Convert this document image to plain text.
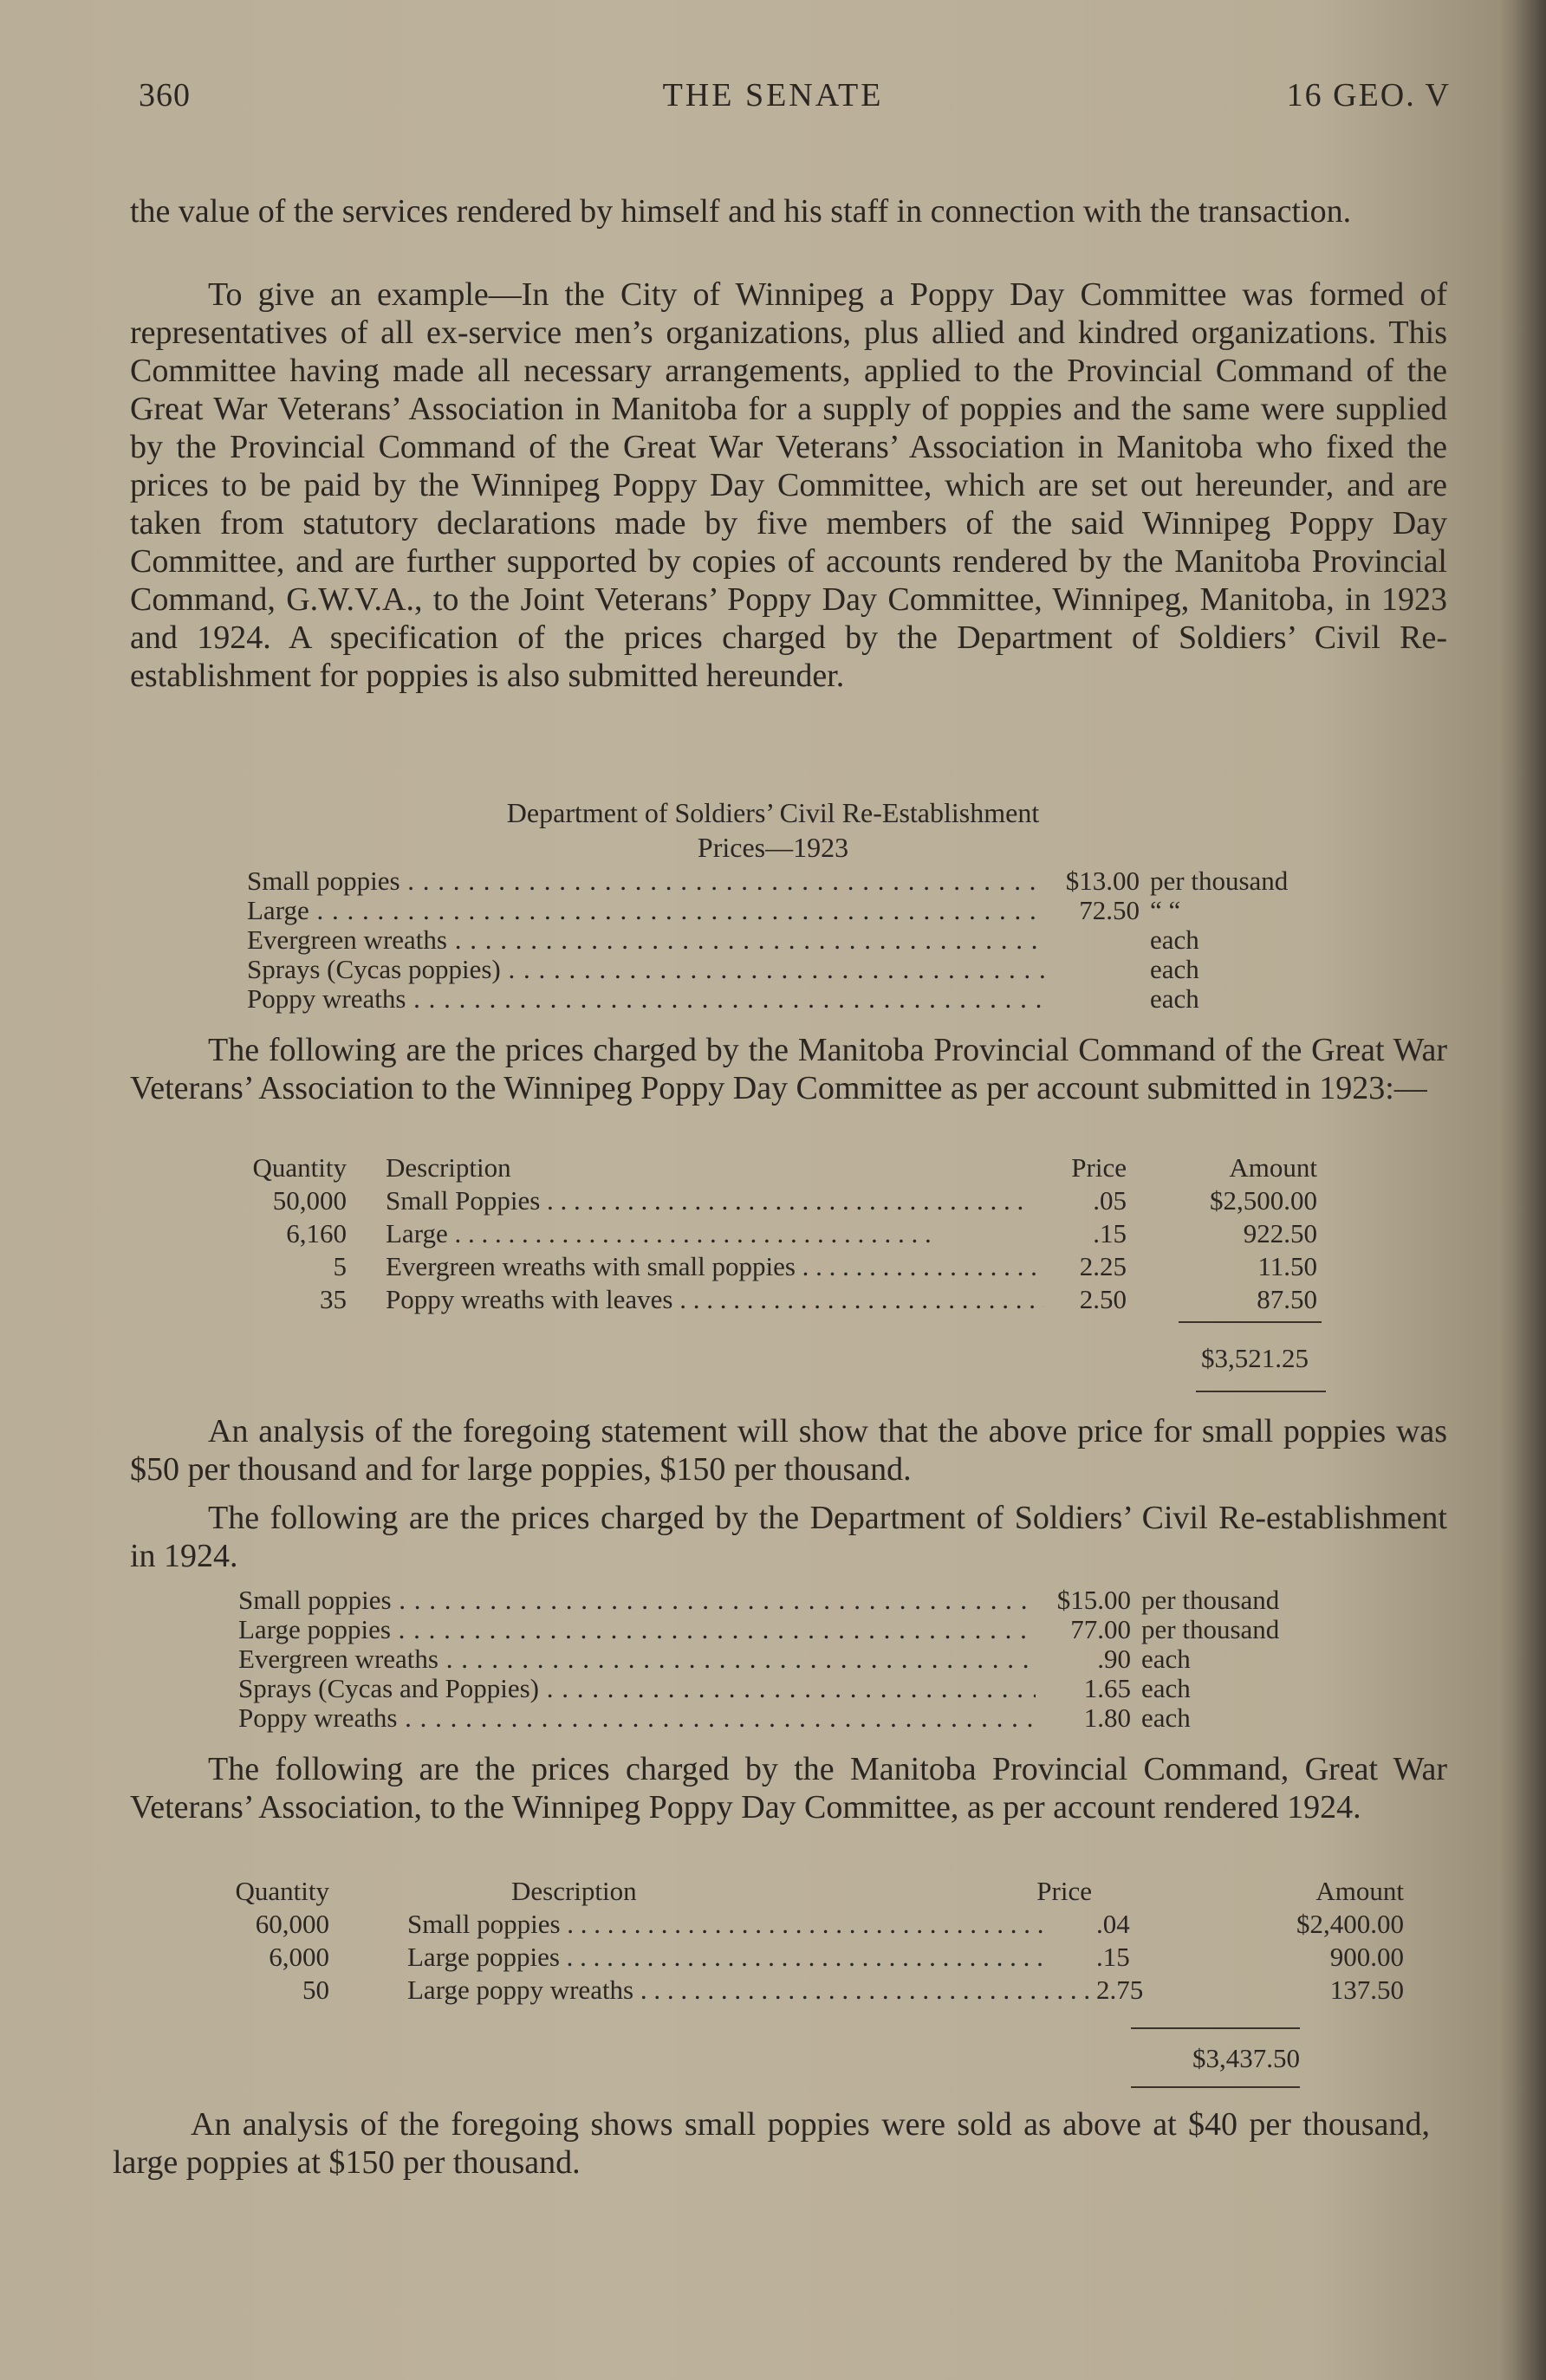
360	THE SENATE	16 GEO. V

the value of the services rendered by himself and his staff in connection with the transaction.

To give an example—In the City of Winnipeg a Poppy Day Committee was formed of representatives of all ex-service men’s organizations, plus allied and kindred organizations. This Committee having made all necessary arrangements, applied to the Provincial Command of the Great War Veterans’ Association in Manitoba for a supply of poppies and the same were supplied by the Provincial Command of the Great War Veterans’ Association in Manitoba who fixed the prices to be paid by the Winnipeg Poppy Day Committee, which are set out hereunder, and are taken from statutory declarations made by five members of the said Winnipeg Poppy Day Committee, and are further supported by copies of accounts rendered by the Manitoba Provincial Command, G.W.V.A., to the Joint Veterans’ Poppy Day Committee, Winnipeg, Manitoba, in 1923 and 1924. A specification of the prices charged by the Department of Soldiers’ Civil Re-establishment for poppies is also submitted hereunder.

Department of Soldiers’ Civil Re-Establishment
Prices—1923
Small poppies . . .	$13.00 per thousand
Large . . .	72.50 “ “
Evergreen wreaths . . .	each
Sprays (Cycas poppies) . . .	each
Poppy wreaths . . .	each

The following are the prices charged by the Manitoba Provincial Command of the Great War Veterans’ Association to the Winnipeg Poppy Day Committee as per account submitted in 1923:—

Quantity	Description	Price	Amount
50,000	Small Poppies . . .	.05	$2,500.00
6,160	Large . . .	.15	922.50
5	Evergreen wreaths with small poppies . . .	2.25	11.50
35	Poppy wreaths with leaves . . .	2.50	87.50
$3,521.25

An analysis of the foregoing statement will show that the above price for small poppies was $50 per thousand and for large poppies, $150 per thousand.

The following are the prices charged by the Department of Soldiers’ Civil Re-establishment in 1924.

Small poppies . . .	$15.00 per thousand
Large poppies . . .	77.00 per thousand
Evergreen wreaths . . .	.90 each
Sprays (Cycas and Poppies) . . .	1.65 each
Poppy wreaths . . .	1.80 each

The following are the prices charged by the Manitoba Provincial Command, Great War Veterans’ Association, to the Winnipeg Poppy Day Committee, as per account rendered 1924.

Quantity	Description	Price	Amount
60,000	Small poppies . . .		.04 $2,400.00

6,000	Large poppies . . .		.15 900.00

50	Large poppy wreaths . . .		2.75 137.50
$3,437.50

An analysis of the foregoing shows small poppies were sold as above at $40 per thousand, large poppies at $150 per thousand.
